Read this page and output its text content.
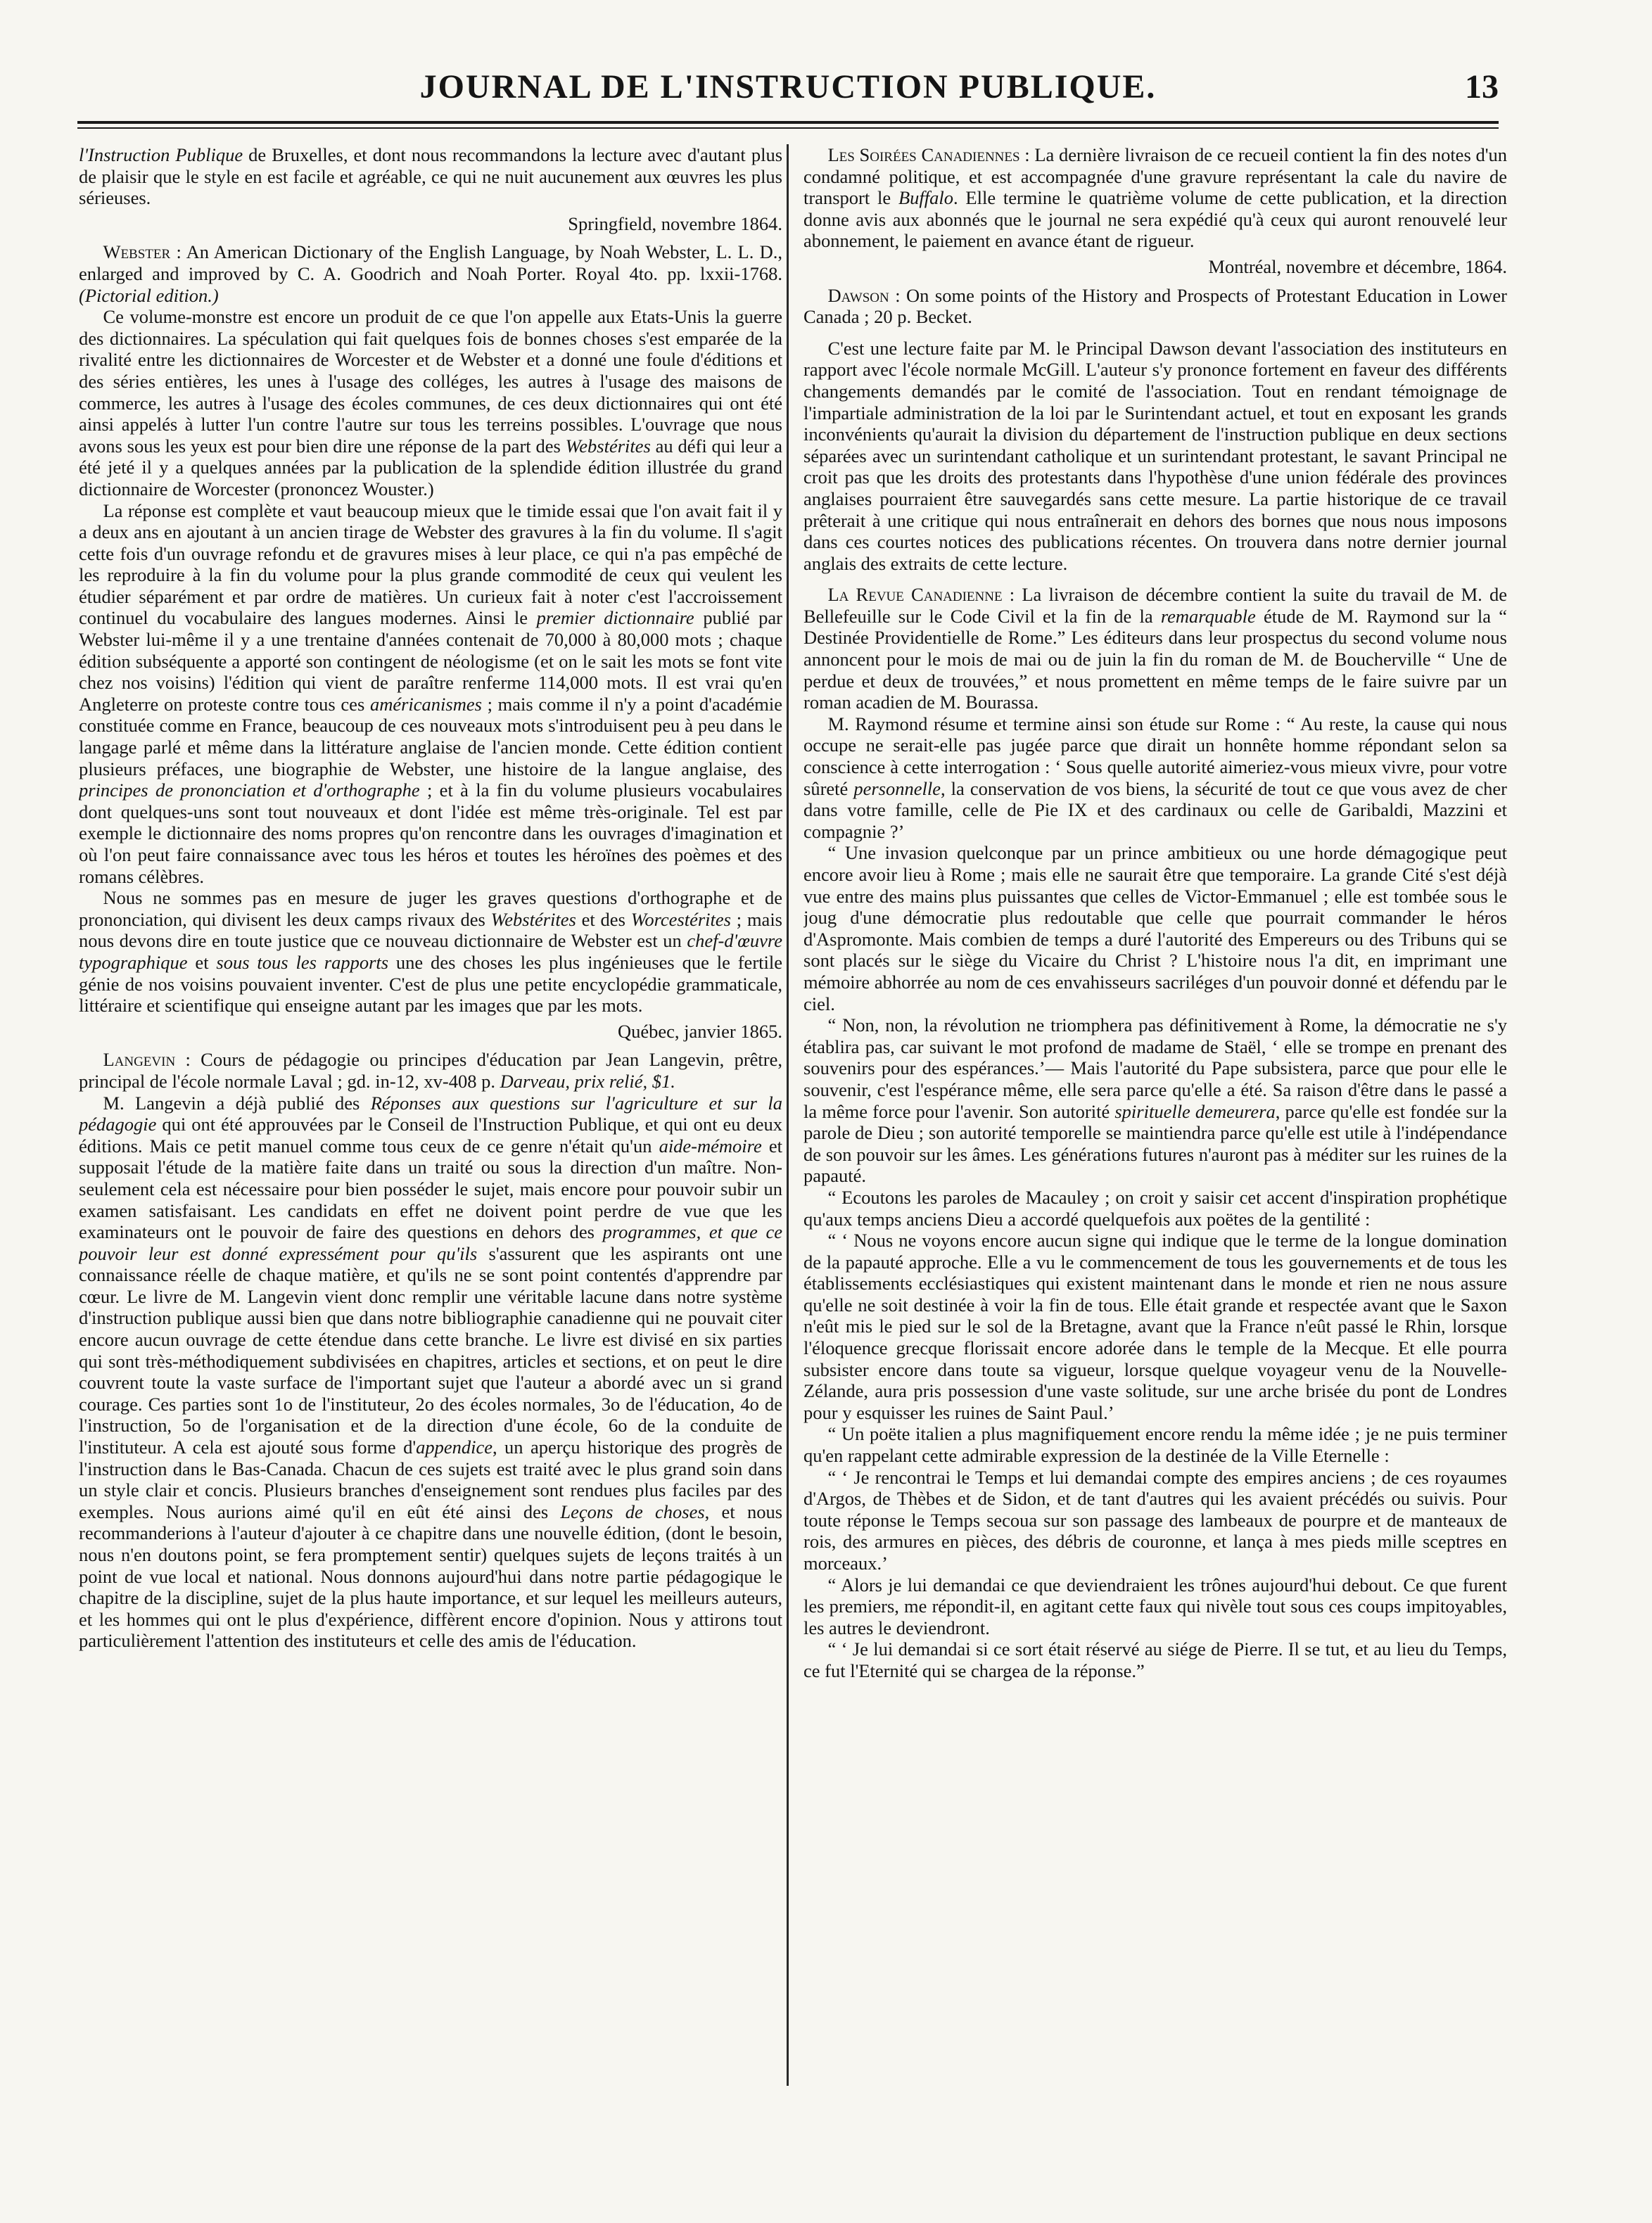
JOURNAL DE L'INSTRUCTION PUBLIQUE.	13

l'Instruction Publique de Bruxelles, et dont nous recommandons la lecture avec d'autant plus de plaisir que le style en est facile et agréable, ce qui ne nuit aucunement aux œuvres les plus sérieuses.

Springfield, novembre 1864.

Webster : An American Dictionary of the English Language, by Noah Webster, L. L. D., enlarged and improved by C. A. Goodrich and Noah Porter. Royal 4to. pp. lxxii-1768. (Pictorial edition.)

Ce volume-monstre est encore un produit de ce que l'on appelle aux Etats-Unis la guerre des dictionnaires. La spéculation qui fait quelques fois de bonnes choses s'est emparée de la rivalité entre les dictionnaires de Worcester et de Webster et a donné une foule d'éditions et des séries entières, les unes à l'usage des colléges, les autres à l'usage des maisons de commerce, les autres à l'usage des écoles communes, de ces deux dictionnaires qui ont été ainsi appelés à lutter l'un contre l'autre sur tous les terreins possibles. L'ouvrage que nous avons sous les yeux est pour bien dire une réponse de la part des Webstérites au défi qui leur a été jeté il y a quelques années par la publication de la splendide édition illustrée du grand dictionnaire de Worcester (prononcez Wouster.)

La réponse est complète et vaut beaucoup mieux que le timide essai que l'on avait fait il y a deux ans en ajoutant à un ancien tirage de Webster des gravures à la fin du volume. Il s'agit cette fois d'un ouvrage refondu et de gravures mises à leur place, ce qui n'a pas empêché de les reproduire à la fin du volume pour la plus grande commodité de ceux qui veulent les étudier séparément et par ordre de matières. Un curieux fait à noter c'est l'accroissement continuel du vocabulaire des langues modernes. Ainsi le premier dictionnaire publié par Webster lui-même il y a une trentaine d'années contenait de 70,000 à 80,000 mots ; chaque édition subséquente a apporté son contingent de néologisme (et on le sait les mots se font vite chez nos voisins) l'édition qui vient de paraître renferme 114,000 mots. Il est vrai qu'en Angleterre on proteste contre tous ces américanismes ; mais comme il n'y a point d'académie constituée comme en France, beaucoup de ces nouveaux mots s'introduisent peu à peu dans le langage parlé et même dans la littérature anglaise de l'ancien monde. Cette édition contient plusieurs préfaces, une biographie de Webster, une histoire de la langue anglaise, des principes de prononciation et d'orthographe ; et à la fin du volume plusieurs vocabulaires dont quelques-uns sont tout nouveaux et dont l'idée est même très-originale. Tel est par exemple le dictionnaire des noms propres qu'on rencontre dans les ouvrages d'imagination et où l'on peut faire connaissance avec tous les héros et toutes les héroïnes des poèmes et des romans célèbres.

Nous ne sommes pas en mesure de juger les graves questions d'orthographe et de prononciation, qui divisent les deux camps rivaux des Webstérites et des Worcestérites ; mais nous devons dire en toute justice que ce nouveau dictionnaire de Webster est un chef-d'œuvre typographique et sous tous les rapports une des choses les plus ingénieuses que le fertile génie de nos voisins pouvaient inventer. C'est de plus une petite encyclopédie grammaticale, littéraire et scientifique qui enseigne autant par les images que par les mots.

Québec, janvier 1865.

Langevin : Cours de pédagogie ou principes d'éducation par Jean Langevin, prêtre, principal de l'école normale Laval ; gd. in-12, xv-408 p. Darveau, prix relié, $1.

M. Langevin a déjà publié des Réponses aux questions sur l'agriculture et sur la pédagogie qui ont été approuvées par le Conseil de l'Instruction Publique, et qui ont eu deux éditions. Mais ce petit manuel comme tous ceux de ce genre n'était qu'un aide-mémoire et supposait l'étude de la matière faite dans un traité ou sous la direction d'un maître. Non-seulement cela est nécessaire pour bien posséder le sujet, mais encore pour pouvoir subir un examen satisfaisant. Les candidats en effet ne doivent point perdre de vue que les examinateurs ont le pouvoir de faire des questions en dehors des programmes, et que ce pouvoir leur est donné expressément pour qu'ils s'assurent que les aspirants ont une connaissance réelle de chaque matière, et qu'ils ne se sont point contentés d'apprendre par cœur. Le livre de M. Langevin vient donc remplir une véritable lacune dans notre système d'instruction publique aussi bien que dans notre bibliographie canadienne qui ne pouvait citer encore aucun ouvrage de cette étendue dans cette branche. Le livre est divisé en six parties qui sont très-méthodiquement subdivisées en chapitres, articles et sections, et on peut le dire couvrent toute la vaste surface de l'important sujet que l'auteur a abordé avec un si grand courage. Ces parties sont 1o de l'instituteur, 2o des écoles normales, 3o de l'éducation, 4o de l'instruction, 5o de l'organisation et de la direction d'une école, 6o de la conduite de l'instituteur. A cela est ajouté sous forme d'appendice, un aperçu historique des progrès de l'instruction dans le Bas-Canada. Chacun de ces sujets est traité avec le plus grand soin dans un style clair et concis. Plusieurs branches d'enseignement sont rendues plus faciles par des exemples. Nous aurions aimé qu'il en eût été ainsi des Leçons de choses, et nous recommanderions à l'auteur d'ajouter à ce chapitre dans une nouvelle édition, (dont le besoin, nous n'en doutons point, se fera promptement sentir) quelques sujets de leçons traités à un point de vue local et national. Nous donnons aujourd'hui dans notre partie pédagogique le chapitre de la discipline, sujet de la plus haute importance, et sur lequel les meilleurs auteurs, et les hommes qui ont le plus d'expérience, diffèrent encore d'opinion. Nous y attirons tout particulièrement l'attention des instituteurs et celle des amis de l'éducation.

Les Soirées Canadiennes : La dernière livraison de ce recueil contient la fin des notes d'un condamné politique, et est accompagnée d'une gravure représentant la cale du navire de transport le Buffalo. Elle termine le quatrième volume de cette publication, et la direction donne avis aux abonnés que le journal ne sera expédié qu'à ceux qui auront renouvelé leur abonnement, le paiement en avance étant de rigueur.

Montréal, novembre et décembre, 1864.

Dawson : On some points of the History and Prospects of Protestant Education in Lower Canada ; 20 p. Becket.

C'est une lecture faite par M. le Principal Dawson devant l'association des instituteurs en rapport avec l'école normale McGill. L'auteur s'y prononce fortement en faveur des différents changements demandés par le comité de l'association. Tout en rendant témoignage de l'impartiale administration de la loi par le Surintendant actuel, et tout en exposant les grands inconvénients qu'aurait la division du département de l'instruction publique en deux sections séparées avec un surintendant catholique et un surintendant protestant, le savant Principal ne croit pas que les droits des protestants dans l'hypothèse d'une union fédérale des provinces anglaises pourraient être sauvegardés sans cette mesure. La partie historique de ce travail prêterait à une critique qui nous entraînerait en dehors des bornes que nous nous imposons dans ces courtes notices des publications récentes. On trouvera dans notre dernier journal anglais des extraits de cette lecture.

La Revue Canadienne : La livraison de décembre contient la suite du travail de M. de Bellefeuille sur le Code Civil et la fin de la remarquable étude de M. Raymond sur la “ Destinée Providentielle de Rome.” Les éditeurs dans leur prospectus du second volume nous annoncent pour le mois de mai ou de juin la fin du roman de M. de Boucherville “ Une de perdue et deux de trouvées,” et nous promettent en même temps de le faire suivre par un roman acadien de M. Bourassa.

M. Raymond résume et termine ainsi son étude sur Rome : “ Au reste, la cause qui nous occupe ne serait-elle pas jugée parce que dirait un honnête homme répondant selon sa conscience à cette interrogation : ‘ Sous quelle autorité aimeriez-vous mieux vivre, pour votre sûreté personnelle, la conservation de vos biens, la sécurité de tout ce que vous avez de cher dans votre famille, celle de Pie IX et des cardinaux ou celle de Garibaldi, Mazzini et compagnie ?’

“ Une invasion quelconque par un prince ambitieux ou une horde démagogique peut encore avoir lieu à Rome ; mais elle ne saurait être que temporaire. La grande Cité s'est déjà vue entre des mains plus puissantes que celles de Victor-Emmanuel ; elle est tombée sous le joug d'une démocratie plus redoutable que celle que pourrait commander le héros d'Aspromonte. Mais combien de temps a duré l'autorité des Empereurs ou des Tribuns qui se sont placés sur le siège du Vicaire du Christ ? L'histoire nous l'a dit, en imprimant une mémoire abhorrée au nom de ces envahisseurs sacriléges d'un pouvoir donné et défendu par le ciel.

“ Non, non, la révolution ne triomphera pas définitivement à Rome, la démocratie ne s'y établira pas, car suivant le mot profond de madame de Staël, ‘ elle se trompe en prenant des souvenirs pour des espérances.’— Mais l'autorité du Pape subsistera, parce que pour elle le souvenir, c'est l'espérance même, elle sera parce qu'elle a été. Sa raison d'être dans le passé a la même force pour l'avenir. Son autorité spirituelle demeurera, parce qu'elle est fondée sur la parole de Dieu ; son autorité temporelle se maintiendra parce qu'elle est utile à l'indépendance de son pouvoir sur les âmes. Les générations futures n'auront pas à méditer sur les ruines de la papauté.

“ Ecoutons les paroles de Macauley ; on croit y saisir cet accent d'inspiration prophétique qu'aux temps anciens Dieu a accordé quelquefois aux poëtes de la gentilité :

“ ‘ Nous ne voyons encore aucun signe qui indique que le terme de la longue domination de la papauté approche. Elle a vu le commencement de tous les gouvernements et de tous les établissements ecclésiastiques qui existent maintenant dans le monde et rien ne nous assure qu'elle ne soit destinée à voir la fin de tous. Elle était grande et respectée avant que le Saxon n'eût mis le pied sur le sol de la Bretagne, avant que la France n'eût passé le Rhin, lorsque l'éloquence grecque florissait encore adorée dans le temple de la Mecque. Et elle pourra subsister encore dans toute sa vigueur, lorsque quelque voyageur venu de la Nouvelle-Zélande, aura pris possession d'une vaste solitude, sur une arche brisée du pont de Londres pour y esquisser les ruines de Saint Paul.’

“ Un poëte italien a plus magnifiquement encore rendu la même idée ; je ne puis terminer qu'en rappelant cette admirable expression de la destinée de la Ville Eternelle :

“ ‘ Je rencontrai le Temps et lui demandai compte des empires anciens ; de ces royaumes d'Argos, de Thèbes et de Sidon, et de tant d'autres qui les avaient précédés ou suivis. Pour toute réponse le Temps secoua sur son passage des lambeaux de pourpre et de manteaux de rois, des armures en pièces, des débris de couronne, et lança à mes pieds mille sceptres en morceaux.’

“ Alors je lui demandai ce que deviendraient les trônes aujourd'hui debout. Ce que furent les premiers, me répondit-il, en agitant cette faux qui nivèle tout sous ces coups impitoyables, les autres le deviendront.

“ ‘ Je lui demandai si ce sort était réservé au siége de Pierre. Il se tut, et au lieu du Temps, ce fut l'Eternité qui se chargea de la réponse.”
